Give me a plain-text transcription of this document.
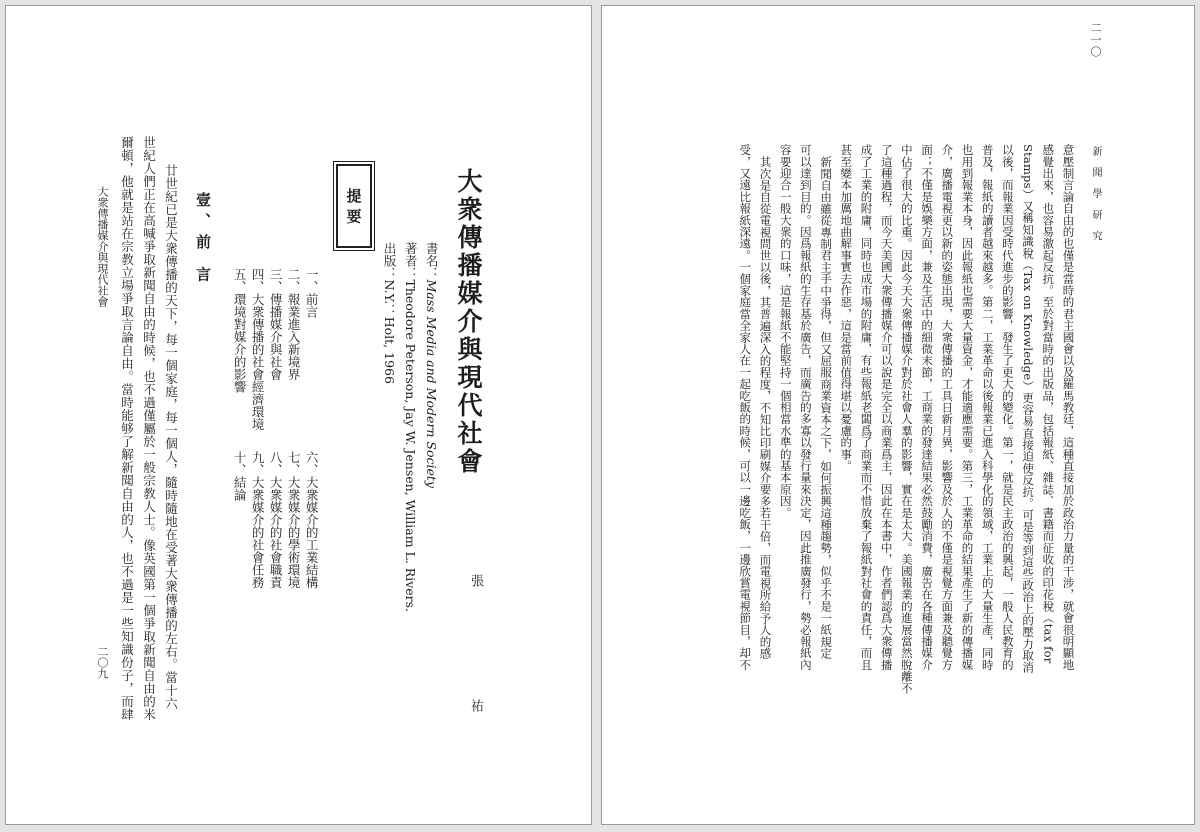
大衆傳播媒介與現代社會
張 祐
書名：Mass Media and Modern Society
著者：Theodore Peterson, Jay W. Jensen, William L. Rivers.
出版：N.Y.：Holt, 1966
提 要
一、前言
二、報業進入新境界
三、傳播媒介與社會
四、大衆傳播的社會經濟環境
五、環境對媒介的影響
六、大衆媒介的工業結構
七、大衆媒介的學術環境
八、大衆媒介的社會職責
九、大衆媒介的社會任務
十、結論
壹、前 言
廿世紀已是大衆傳播的天下，每一個家庭，每一個人，隨時隨地在受著大衆傳播的左右。當十六
世紀人們正在高喊爭取新聞自由的時候，也不過僅屬於一般宗教人士。像英國第一個爭取新聞自由的米
爾頓，他就是站在宗教立場爭取言論自由。當時能够了解新聞自由的人，也不過是一些知識份子，而肆
大衆傳播媒介與現代社會
二〇九
新 聞 學 研 究
二一〇
意壓制言論自由的也僅是當時的君主國會以及羅馬教廷，這種直接加於政治力量的干涉，就會很明顯地
感覺出來，也容易激起反抗。至於對當時的出版品，包括報紙、雜誌、書籍而征收的印花稅（tax for
Stamps）又稱知識稅（Tax on Knowledge）更容易直接迫使反抗。可是等到這些政治上的壓力取消
以後，而報業因受時代進步的影響，發生了更大的變化。第一，就是民主政治的興起，一般人民教育的
普及，報紙的讀者越來越多。第二，工業革命以後報業已進入科學化的領域，工業上的大量生產，同時
也用到報業本身，因此報紙也需要大量資金，才能適應需要。第三，工業革命的結果產生了新的傳播媒
介，廣播電視更以新的姿態出現，大衆傳播的工具日新月異，影響及於人的不僅是視覺方面兼及聽覺方
面；不僅是娛樂方面，兼及生活中的細微末節，工商業的發達結果必然鼓勵消費，廣告在各種傳播媒介
中佔了很大的比重。因此今天大衆傳播媒介對於社會人羣的影響，實在是太大。美國報業的進展當然脫離不
了這種過程，而今天美國大衆傳播媒介可以說是完全以商業爲主，因此在本書中，作者們認爲大衆傳播
成了工業的附庸，同時也成市場的附庸，有些報紙老闆爲了商業而不惜放棄了報紙對社會的責任，而且
甚至變本加厲地曲解事實去作惡，這是當前值得堪以憂慮的事。
新聞自由雖從專制君主手中爭得，但又屈服商業資本之下，如何振興這種趨勢，似乎不是一紙規定
可以達到目的。因爲報紙的生存基於廣告，而廣告的多寡以發行量來決定，因此推廣發行，勢必報紙內
容要迎合一般大衆的口味，這是報紙不能堅持一個相當水準的基本原因。
其次是自從電視問世以後，其普遍深入的程度，不知比印刷媒介要多若干倍，而電視所給予人的感
受，又遠比報紙深遠。一個家庭當全家人在一起吃飯的時候，可以一邊吃飯，一邊欣賞電視節目，却不
